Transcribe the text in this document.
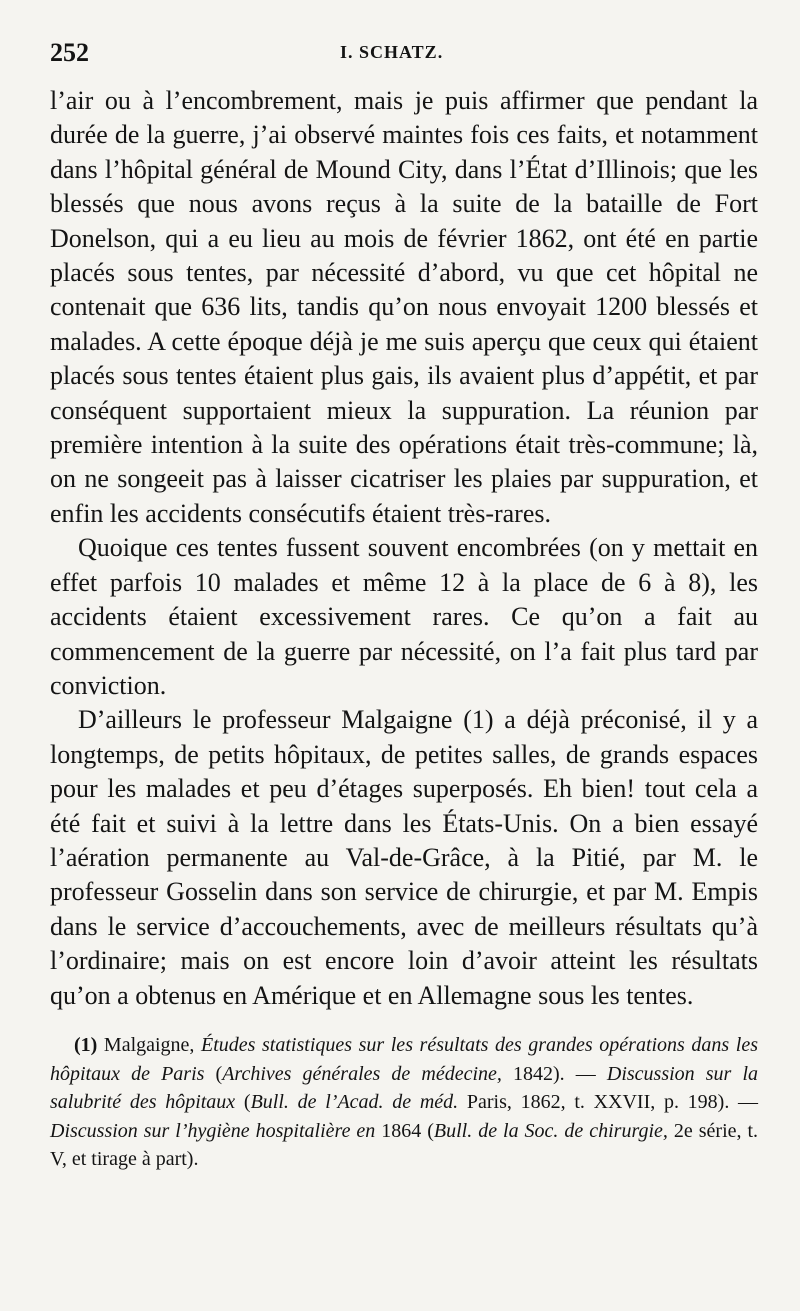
252	I. SCHATZ.

l’air ou à l’encombrement, mais je puis affirmer que pendant la durée de la guerre, j’ai observé maintes fois ces faits, et notamment dans l’hôpital général de Mound City, dans l’État d’Illinois; que les blessés que nous avons reçus à la suite de la bataille de Fort Donelson, qui a eu lieu au mois de février 1862, ont été en partie placés sous tentes, par nécessité d’abord, vu que cet hôpital ne contenait que 636 lits, tandis qu’on nous envoyait 1200 blessés et malades. A cette époque déjà je me suis aperçu que ceux qui étaient placés sous tentes étaient plus gais, ils avaient plus d’appétit, et par conséquent supportaient mieux la suppuration. La réunion par première intention à la suite des opérations était très-commune; là, on ne songeeit pas à laisser cicatriser les plaies par suppuration, et enfin les accidents consécutifs étaient très-rares.

Quoique ces tentes fussent souvent encombrées (on y mettait en effet parfois 10 malades et même 12 à la place de 6 à 8), les accidents étaient excessivement rares. Ce qu’on a fait au commencement de la guerre par nécessité, on l’a fait plus tard par conviction.

D’ailleurs le professeur Malgaigne (1) a déjà préconisé, il y a longtemps, de petits hôpitaux, de petites salles, de grands espaces pour les malades et peu d’étages superposés. Eh bien! tout cela a été fait et suivi à la lettre dans les États-Unis. On a bien essayé l’aération permanente au Val-de-Grâce, à la Pitié, par M. le professeur Gosselin dans son service de chirurgie, et par M. Empis dans le service d’accouchements, avec de meilleurs résultats qu’à l’ordinaire; mais on est encore loin d’avoir atteint les résultats qu’on a obtenus en Amérique et en Allemagne sous les tentes.

(1) Malgaigne, Études statistiques sur les résultats des grandes opérations dans les hôpitaux de Paris (Archives générales de médecine, 1842). — Discussion sur la salubrité des hôpitaux (Bull. de l’Acad. de méd. Paris, 1862, t. XXVII, p. 198). — Discussion sur l’hygiène hospitalière en 1864 (Bull. de la Soc. de chirurgie, 2e série, t. V, et tirage à part).
